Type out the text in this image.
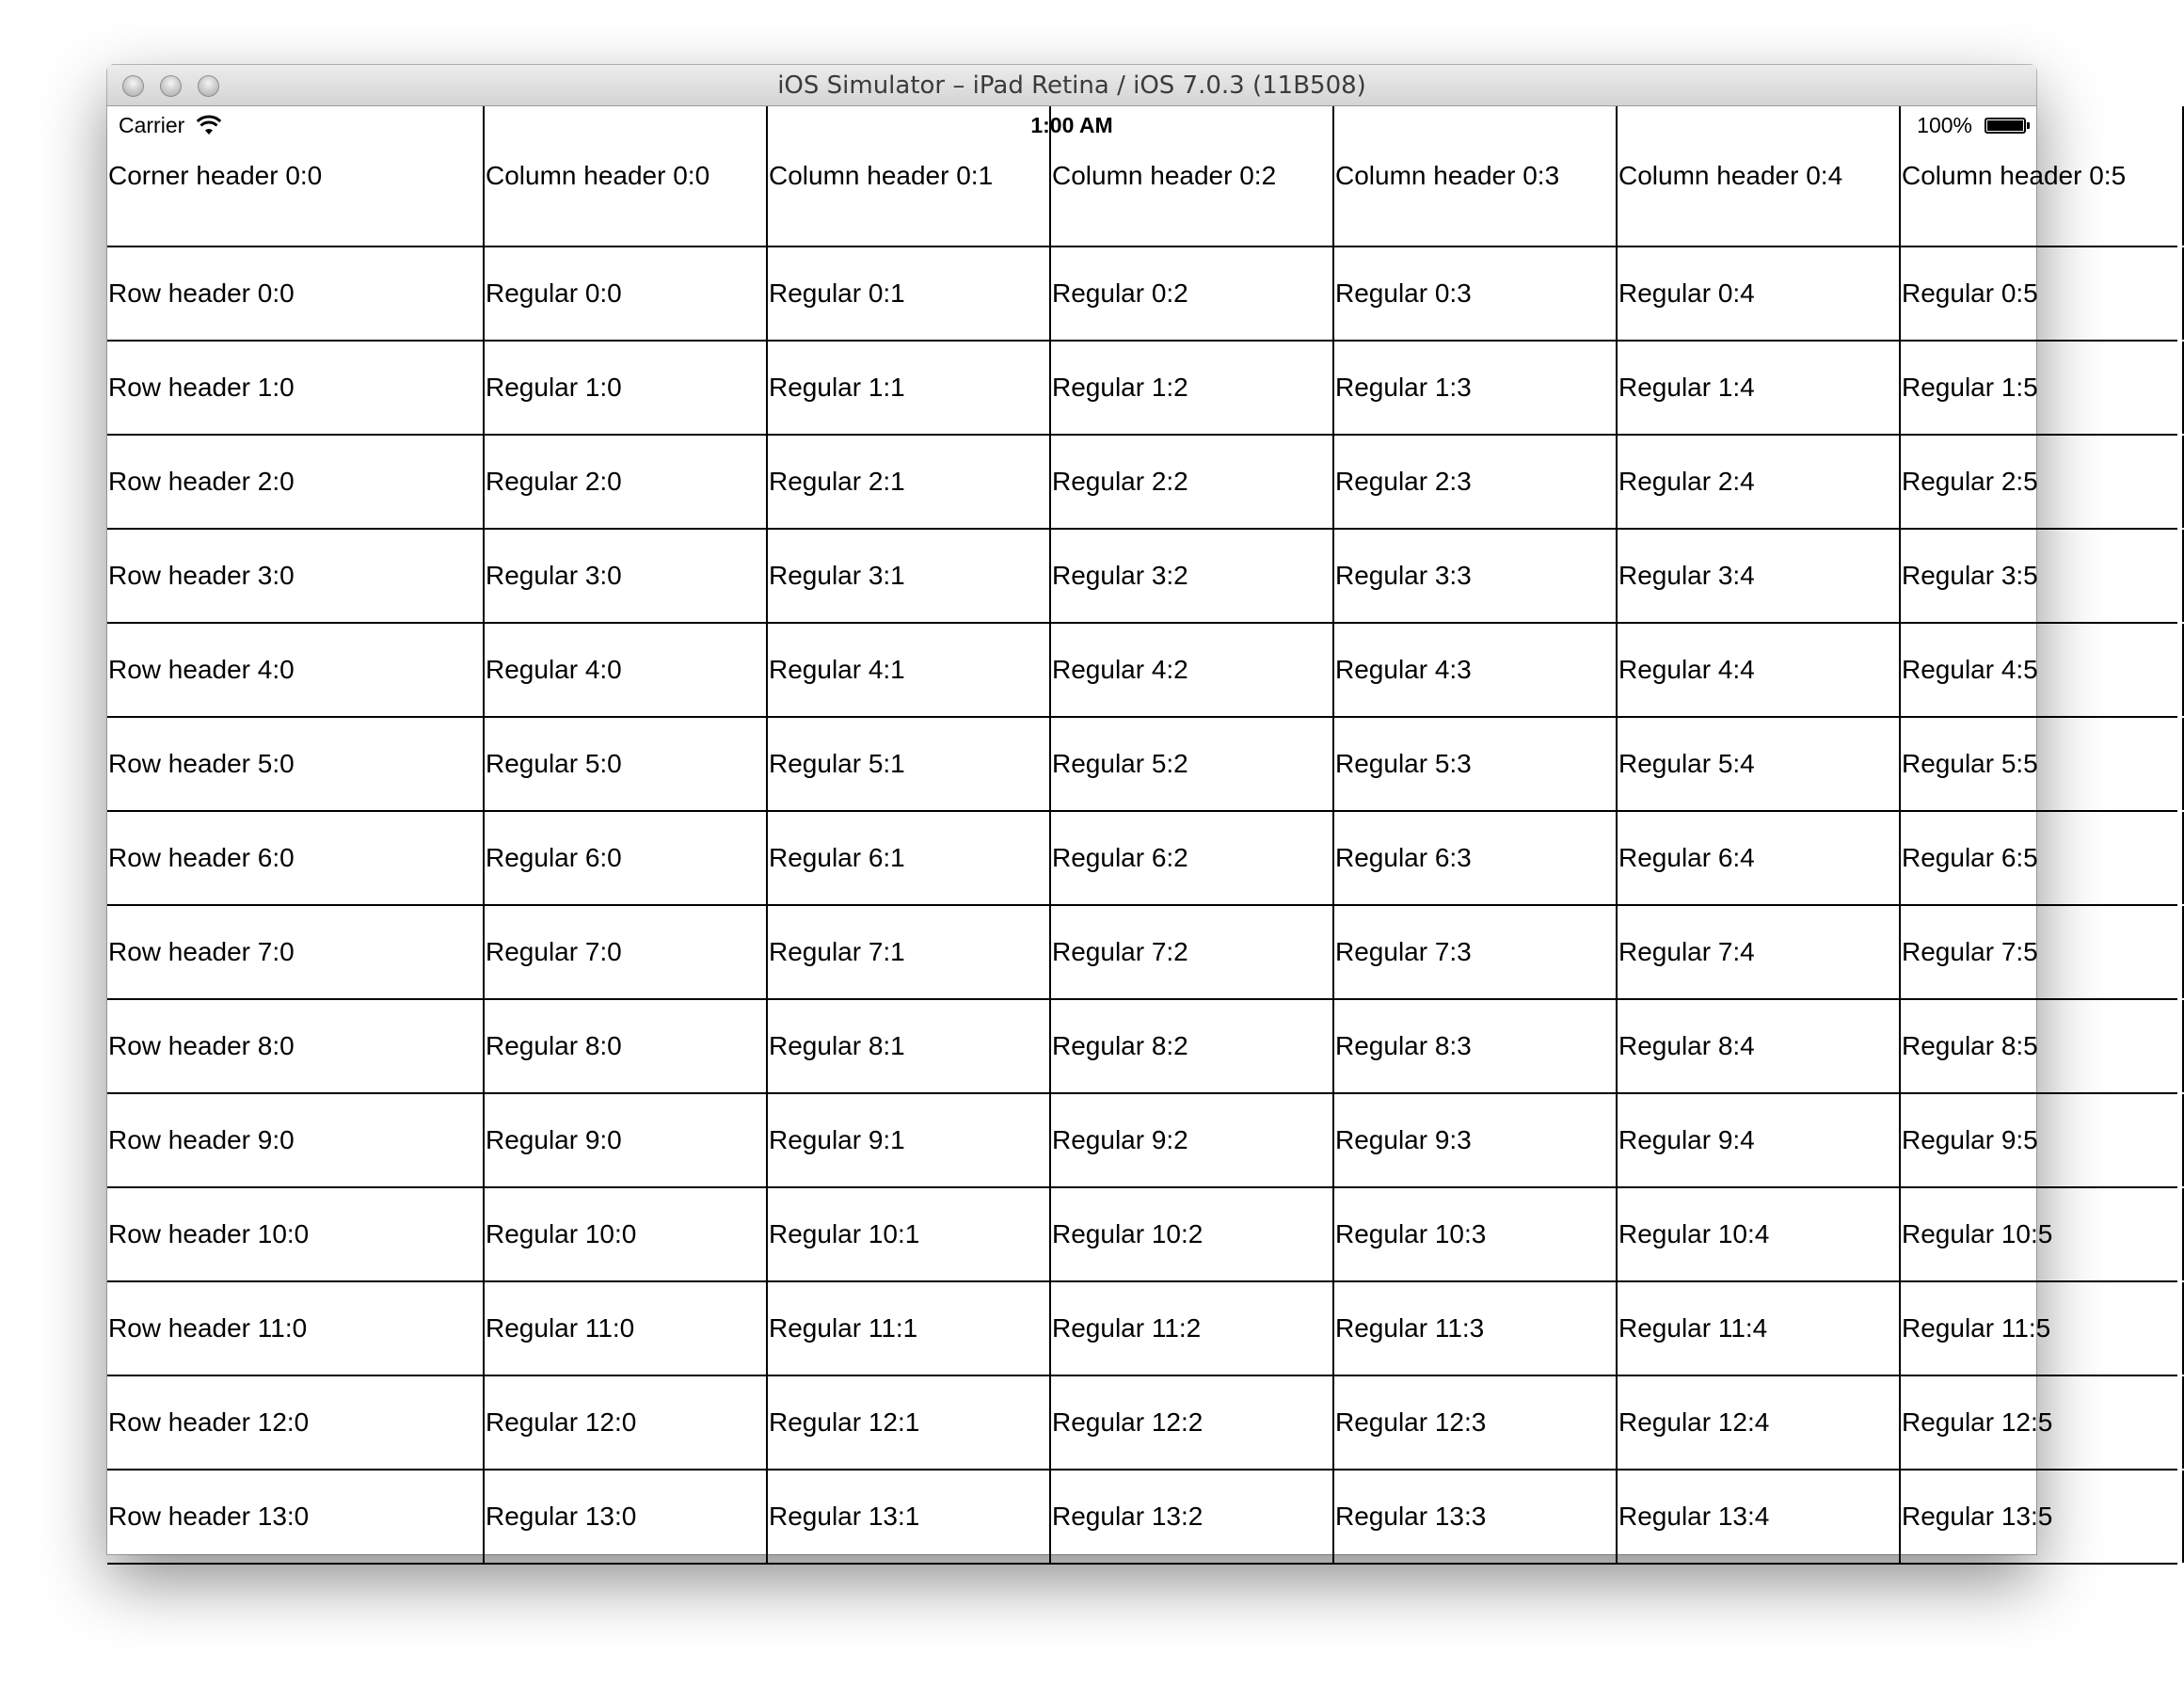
iOS Simulator – iPad Retina / iOS 7.0.3 (11B508)
Carrier	1:00 AM	100%
Corner header 0:0	Column header 0:0	Column header 0:1	Column header 0:2	Column header 0:3	Column header 0:4	Column header 0:5
Row header 0:0	Regular 0:0	Regular 0:1	Regular 0:2	Regular 0:3	Regular 0:4	Regular 0:5
Row header 1:0	Regular 1:0	Regular 1:1	Regular 1:2	Regular 1:3	Regular 1:4	Regular 1:5
Row header 2:0	Regular 2:0	Regular 2:1	Regular 2:2	Regular 2:3	Regular 2:4	Regular 2:5
Row header 3:0	Regular 3:0	Regular 3:1	Regular 3:2	Regular 3:3	Regular 3:4	Regular 3:5
Row header 4:0	Regular 4:0	Regular 4:1	Regular 4:2	Regular 4:3	Regular 4:4	Regular 4:5
Row header 5:0	Regular 5:0	Regular 5:1	Regular 5:2	Regular 5:3	Regular 5:4	Regular 5:5
Row header 6:0	Regular 6:0	Regular 6:1	Regular 6:2	Regular 6:3	Regular 6:4	Regular 6:5
Row header 7:0	Regular 7:0	Regular 7:1	Regular 7:2	Regular 7:3	Regular 7:4	Regular 7:5
Row header 8:0	Regular 8:0	Regular 8:1	Regular 8:2	Regular 8:3	Regular 8:4	Regular 8:5
Row header 9:0	Regular 9:0	Regular 9:1	Regular 9:2	Regular 9:3	Regular 9:4	Regular 9:5
Row header 10:0	Regular 10:0	Regular 10:1	Regular 10:2	Regular 10:3	Regular 10:4	Regular 10:5
Row header 11:0	Regular 11:0	Regular 11:1	Regular 11:2	Regular 11:3	Regular 11:4	Regular 11:5
Row header 12:0	Regular 12:0	Regular 12:1	Regular 12:2	Regular 12:3	Regular 12:4	Regular 12:5
Row header 13:0	Regular 13:0	Regular 13:1	Regular 13:2	Regular 13:3	Regular 13:4	Regular 13:5
